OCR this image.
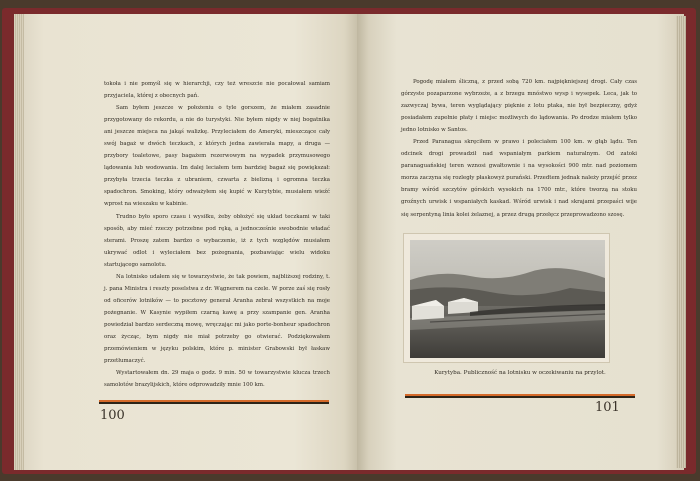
tokoła i nie pomyśl się w hierarchji, czy też wreszcie nie pocałowal samiam przyjaciela, której z obecnych pań.

Sam byłem jeszcze w położeniu o tyle gorszem, że miałem zasadnie przygotowany do rekordu, a nie do turystyki. Nie byłem nigdy w niej bogatnika ani jeszcze miejsca na jakąś walizkę. Przyleciałem do Ameryki, mieszczące cały swój bagaż w dwóch teczkach, z których jedna zawierała mapy, a druga — przybory toaletowe, pasy bagażem rezerwowym na wypadek przymusowego lądowania lub wodowania. Im dalej leciałem tem bardziej bagaż się powiększał: przybyła trzecia teczka z ubraniem, czwarta z bielizną i ogromna teczka spadochron. Smoking, który odważyłem się kupić w Kurytybie, musiałem wieźć wprost na wieszaku w kabinie.

Trudno było sporo czasu i wysiłku, żeby obłożyć się układ teczkami w taki sposób, aby mieć rzeczy potrzebne pod ręką, a jednocześnie swobodnie władać sterami. Proszę zatem bardzo o wybaczenie, iż z tych względów musiałem ukrywać odlot i wyleciałem bez pożegnania, pozbawiając wielu widoku startującego samolotu.

Na lotnisko udałem się w towarzystwie, że tak powiem, najbliższej rodziny, t. j. pana Ministra i reszty poselstwa z dr. Wągnerem na czele. W porze zaś się rosły od oficerów lotników — to pocztowy generał Aranha zebrał wszystkich na moje pożegnanie. W Kasynie wypiłem czarną kawę a przy szampanie gen. Aranha powiedział bardzo serdeczną mowę, wręczając mi jako porte-bonheur spadochron oraz życząc, bym nigdy nie miał potrzeby go otwierać. Podziękowałem przemówieniem w języku polskim, które p. minister Grabowski był łaskaw przetłumaczyć.

Wystartowałem dn. 29 maja o godz. 9 min. 50 w towarzystwie klucza trzech samolotów brazylijskich, które odprowadziły mnie 100 km.

100

Pogodę miałem śliczną, z przed sobą 720 km. najpiękniejszej drogi. Cały czas górzyste pozaparzone wybrzeże, a z brzegu mnóstwo wysp i wysepek. Leca, jak to zazwyczaj bywa, teren wyglądający pięknie z lotu ptaka, nie był bezpieczny, gdyż posiadałem zupełnie płaty i miejsc możliwych do lądowania. Po drodze miałem tylko jedno lotnisko w Santos.

Przed Paranagua skręciłem w prawo i poleciałem 100 km. w głąb lądu. Ten odcinek drogi prowadził nad wspaniałym parkiem naturalnym. Od zatoki paranaguańskiej teren wznosi gwałtownie i na wysokości 900 mtr. nad poziomem morza zaczyna się rozległy płaskowyż purański. Przedtem jednak należy przejść przez bramy wśród szczytów górskich wysokich na 1700 mtr., które tworzą na stoku groźnych urwisk i wspaniałych kaskad. Wśród urwisk i nad skrajami przepaści wije się serpentyną linia kolei żelaznej, a przez drugą przełęcz przeprowadzono szosę.

Kurytyba. Publiczność na lotnisku w oczekiwaniu na przylot.
101
